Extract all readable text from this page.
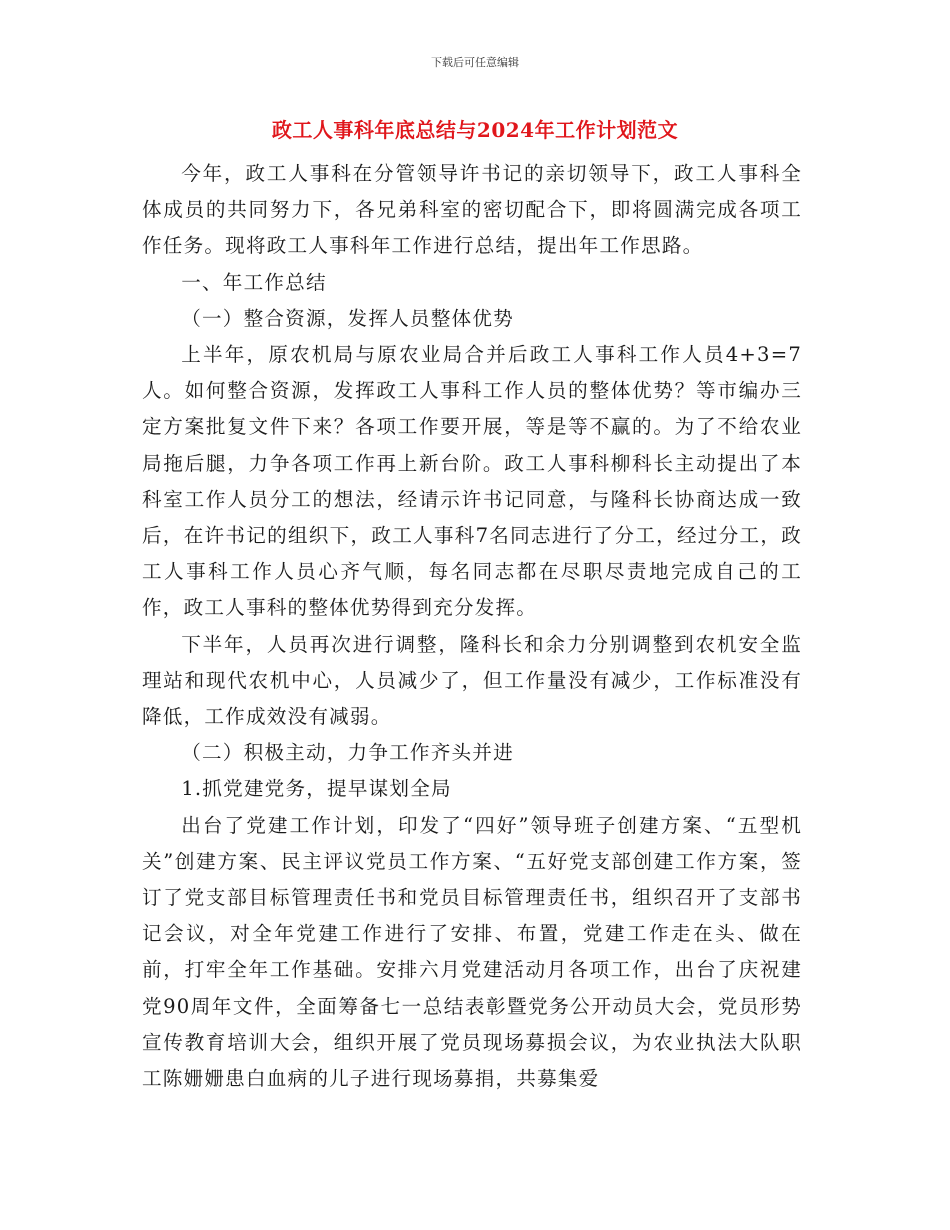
下载后可任意编辑
政工人事科年底总结与2024年工作计划范文

今年，政工人事科在分管领导许书记的亲切领导下，政工人事科全体成员的共同努力下，各兄弟科室的密切配合下，即将圆满完成各项工作任务。现将政工人事科年工作进行总结，提出年工作思路。

一、年工作总结

（一）整合资源，发挥人员整体优势

上半年，原农机局与原农业局合并后政工人事科工作人员4+3=7人。如何整合资源，发挥政工人事科工作人员的整体优势？等市编办三定方案批复文件下来？各项工作要开展，等是等不赢的。为了不给农业局拖后腿，力争各项工作再上新台阶。政工人事科柳科长主动提出了本科室工作人员分工的想法，经请示许书记同意，与隆科长协商达成一致后，在许书记的组织下，政工人事科7名同志进行了分工，经过分工，政工人事科工作人员心齐气顺，每名同志都在尽职尽责地完成自己的工作，政工人事科的整体优势得到充分发挥。

下半年，人员再次进行调整，隆科长和余力分别调整到农机安全监理站和现代农机中心，人员减少了，但工作量没有减少，工作标准没有降低，工作成效没有减弱。

（二）积极主动，力争工作齐头并进

1.抓党建党务，提早谋划全局

出台了党建工作计划，印发了“四好”领导班子创建方案、“五型机关”创建方案、民主评议党员工作方案、“五好党支部创建工作方案，签订了党支部目标管理责任书和党员目标管理责任书，组织召开了支部书记会议，对全年党建工作进行了安排、布置，党建工作走在头、做在前，打牢全年工作基础。安排六月党建活动月各项工作，出台了庆祝建党90周年文件，全面筹备七一总结表彰暨党务公开动员大会，党员形势宣传教育培训大会，组织开展了党员现场募损会议，为农业执法大队职工陈姗姗患白血病的儿子进行现场募捐，共募集爱
